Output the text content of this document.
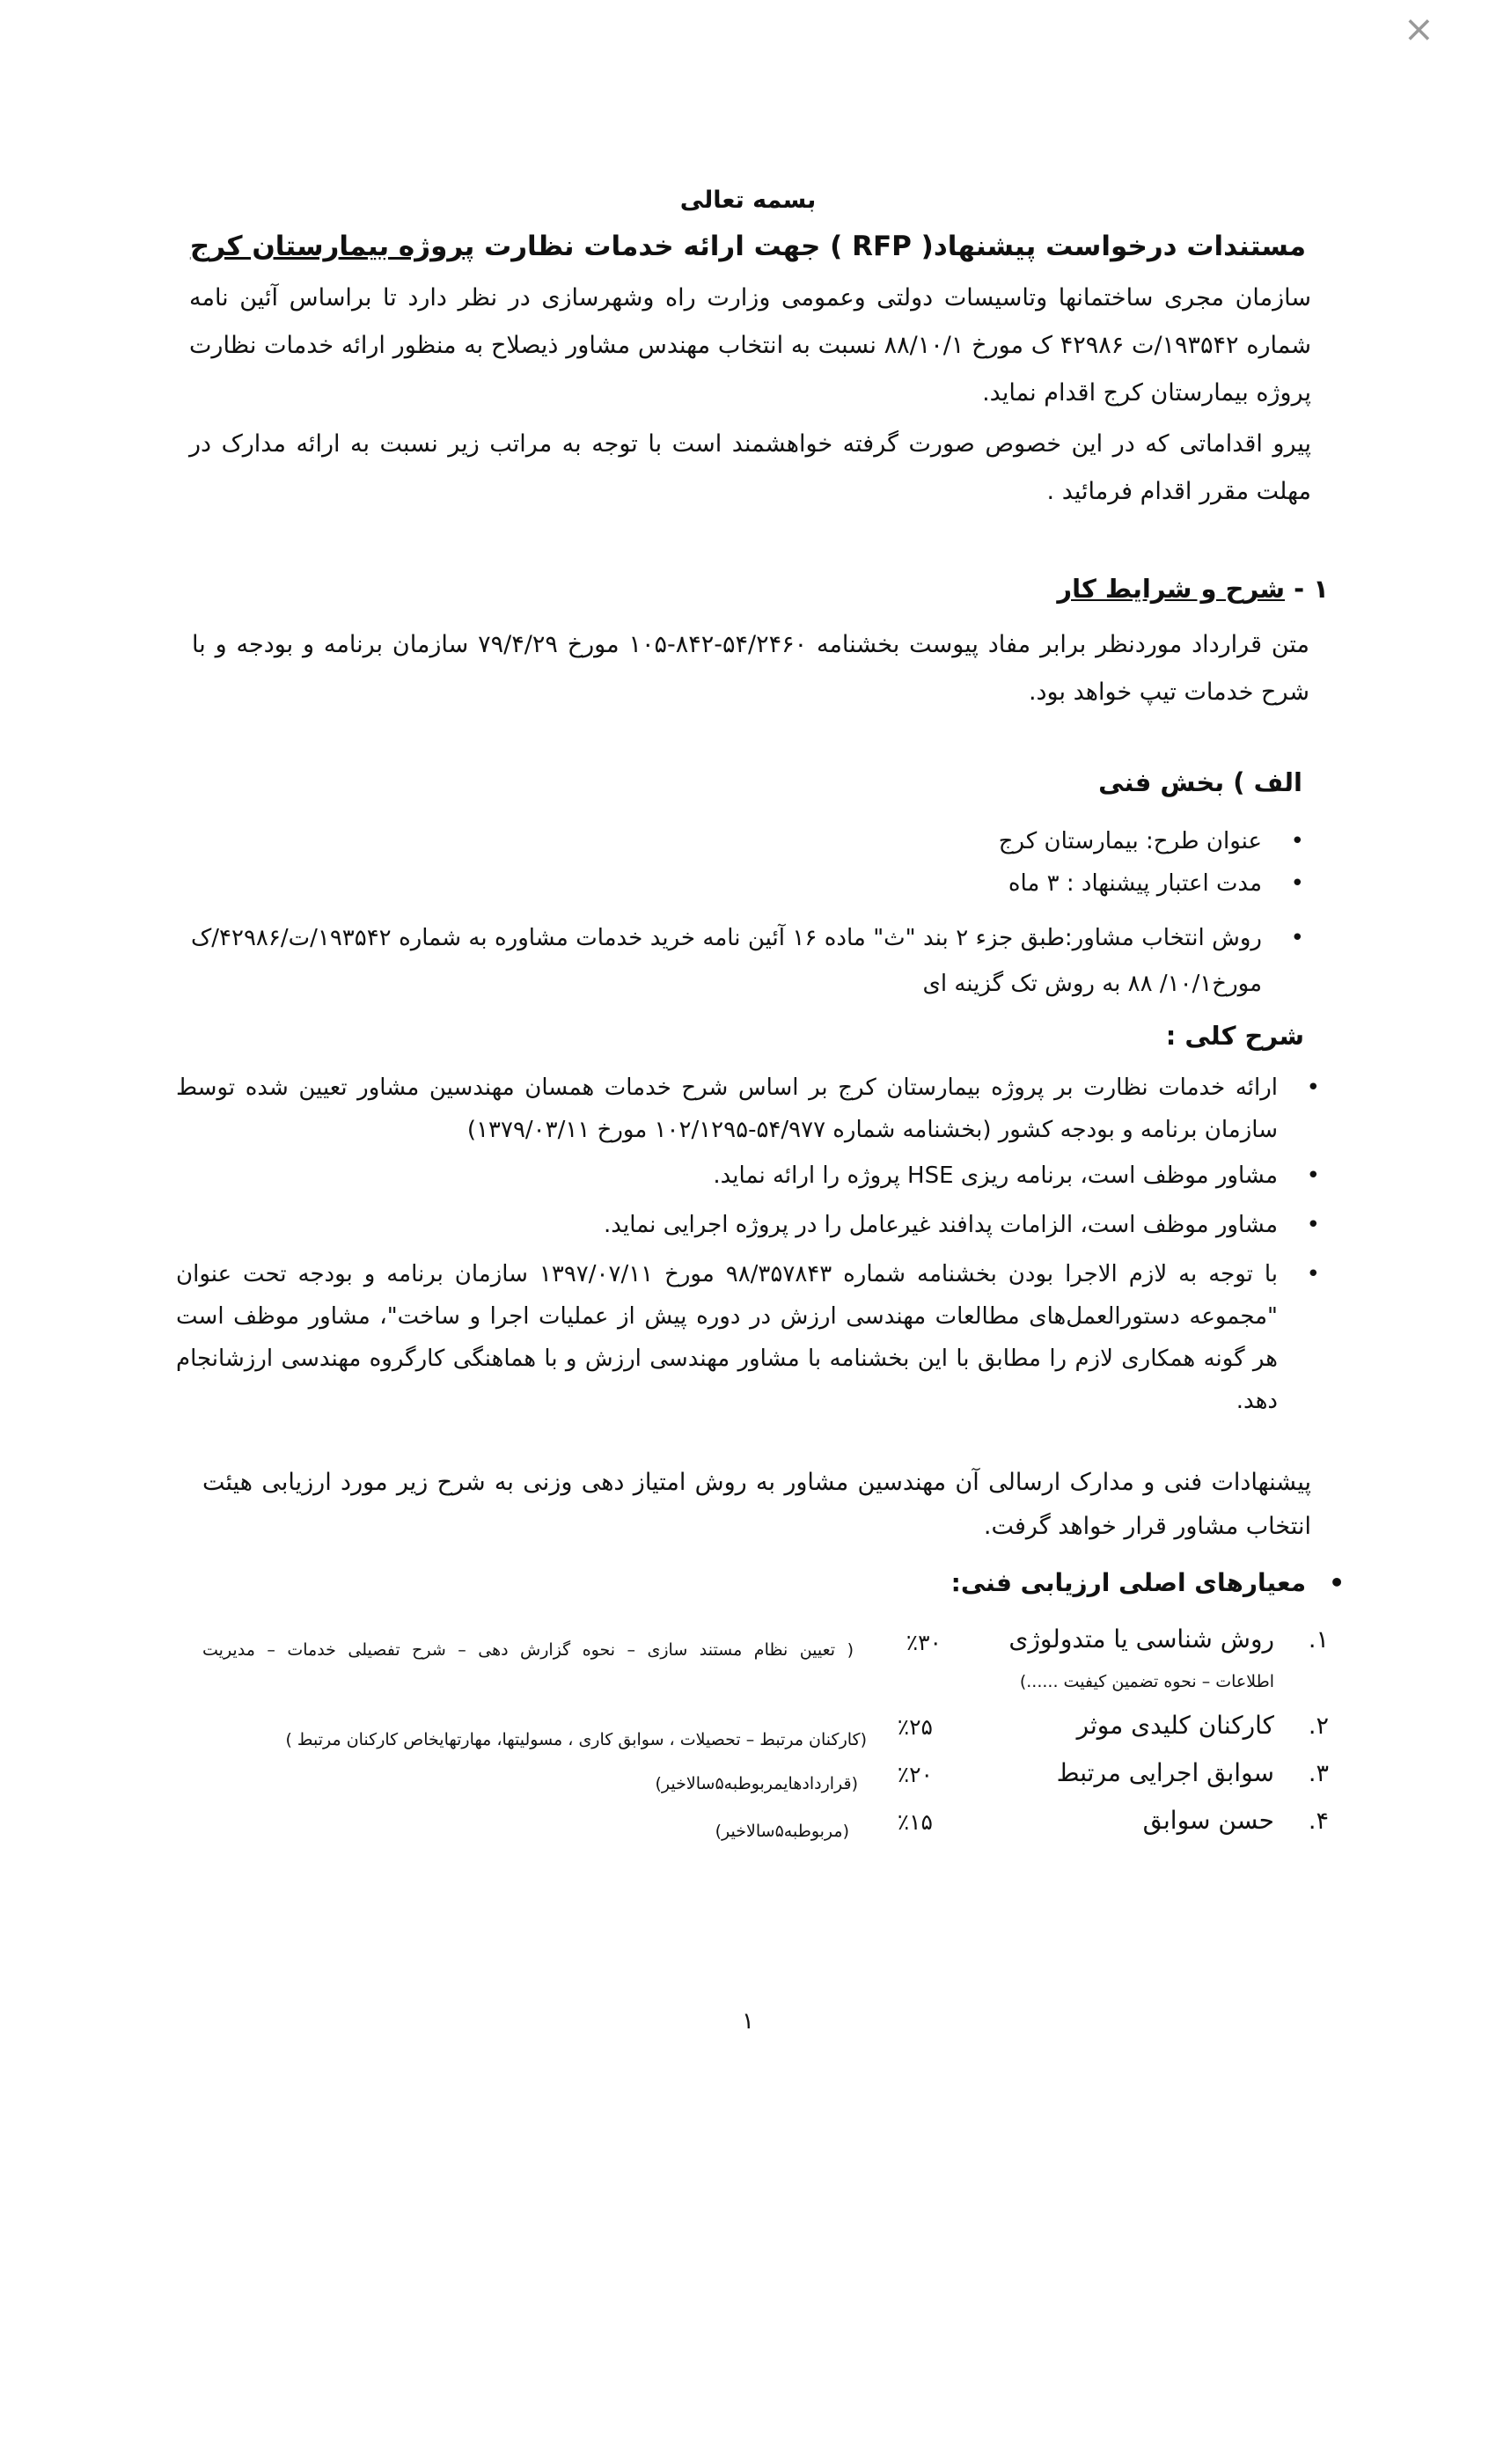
×
بسمه تعالی
مستندات درخواست پیشنهاد( RFP ) جهت ارائه خدمات نظارت پروژه بیمارستان کرج
سازمان مجری ساختمانها وتاسیسات دولتی وعمومی وزارت راه وشهرسازی در نظر دارد تا براساس آئین نامه شماره ۱۹۳۵۴۲/ت ۴۲۹۸۶ ک مورخ ۸۸/۱۰/۱ نسبت به انتخاب مهندس مشاور ذیصلاح به منظور ارائه خدمات نظارت پروژه بیمارستان کرج اقدام نماید.
پیرو اقداماتی که در این خصوص صورت گرفته خواهشمند است با توجه به مراتب زیر نسبت به ارائه مدارک در مهلت مقرر اقدام فرمائید .
۱ - شرح و شرایط کار
متن قرارداد موردنظر برابر مفاد پیوست بخشنامه ۵۴/۲۴۶۰-۸۴۲-۱۰۵ مورخ ۷۹/۴/۲۹ سازمان برنامه و بودجه و با شرح خدمات تیپ خواهد بود.
الف ) بخش فنی
•
عنوان طرح: بیمارستان کرج
•
مدت اعتبار پیشنهاد : ۳ ماه
•
روش انتخاب مشاور:طبق جزء ۲ بند "ث" ماده ۱۶ آئین نامه خرید خدمات مشاوره به شماره ۱۹۳۵۴۲/ت/۴۲۹۸۶/ک مورخ۱۰/۱/ ۸۸ به روش تک گزینه ای
شرح کلی :
•
ارائه خدمات نظارت بر پروژه بیمارستان کرج بر اساس شرح خدمات همسان مهندسین مشاور تعیین شده توسط سازمان برنامه و بودجه کشور (بخشنامه شماره ۵۴/۹۷۷-۱۰۲/۱۲۹۵ مورخ ۱۳۷۹/۰۳/۱۱)
•
مشاور موظف است، برنامه ریزی HSE پروژه را ارائه نماید.
•
مشاور موظف است، الزامات پدافند غیرعامل را در پروژه اجرایی نماید.
•
با توجه به لازم الاجرا بودن بخشنامه شماره ۹۸/۳۵۷۸۴۳ مورخ ۱۳۹۷/۰۷/۱۱ سازمان برنامه و بودجه تحت عنوان "مجموعه دستورالعمل‌های مطالعات مهندسی ارزش در دوره پیش از عملیات اجرا و ساخت"، مشاور موظف است هر گونه همکاری لازم را مطابق با این بخشنامه با مشاور مهندسی ارزش و با هماهنگی کارگروه مهندسی ارزشانجام دهد.
پیشنهادات فنی و مدارک ارسالی آن مهندسین مشاور به روش امتیاز دهی وزنی به شرح زیر مورد ارزیابی هیئت انتخاب مشاور قرار خواهد گرفت.
•معیارهای اصلی ارزیابی فنی:
۱.
روش شناسی یا متدولوژی
٪۳۰
( تعیین نظام مستند سازی – نحوه گزارش دهی – شرح تفصیلی خدمات – مدیریت
اطلاعات – نحوه تضمین کیفیت ......)
۲.
کارکنان کلیدی موثر
٪۲۵
(کارکنان مرتبط – تحصیلات ، سوابق کاری ، مسولیتها، مهارتهایخاص کارکنان مرتبط )
۳.
سوابق اجرایی مرتبط
٪۲۰
(قراردادهایمربوطبه۵سالاخیر)
۴.
حسن سوابق
٪۱۵
(مربوطبه۵سالاخیر)
۱
